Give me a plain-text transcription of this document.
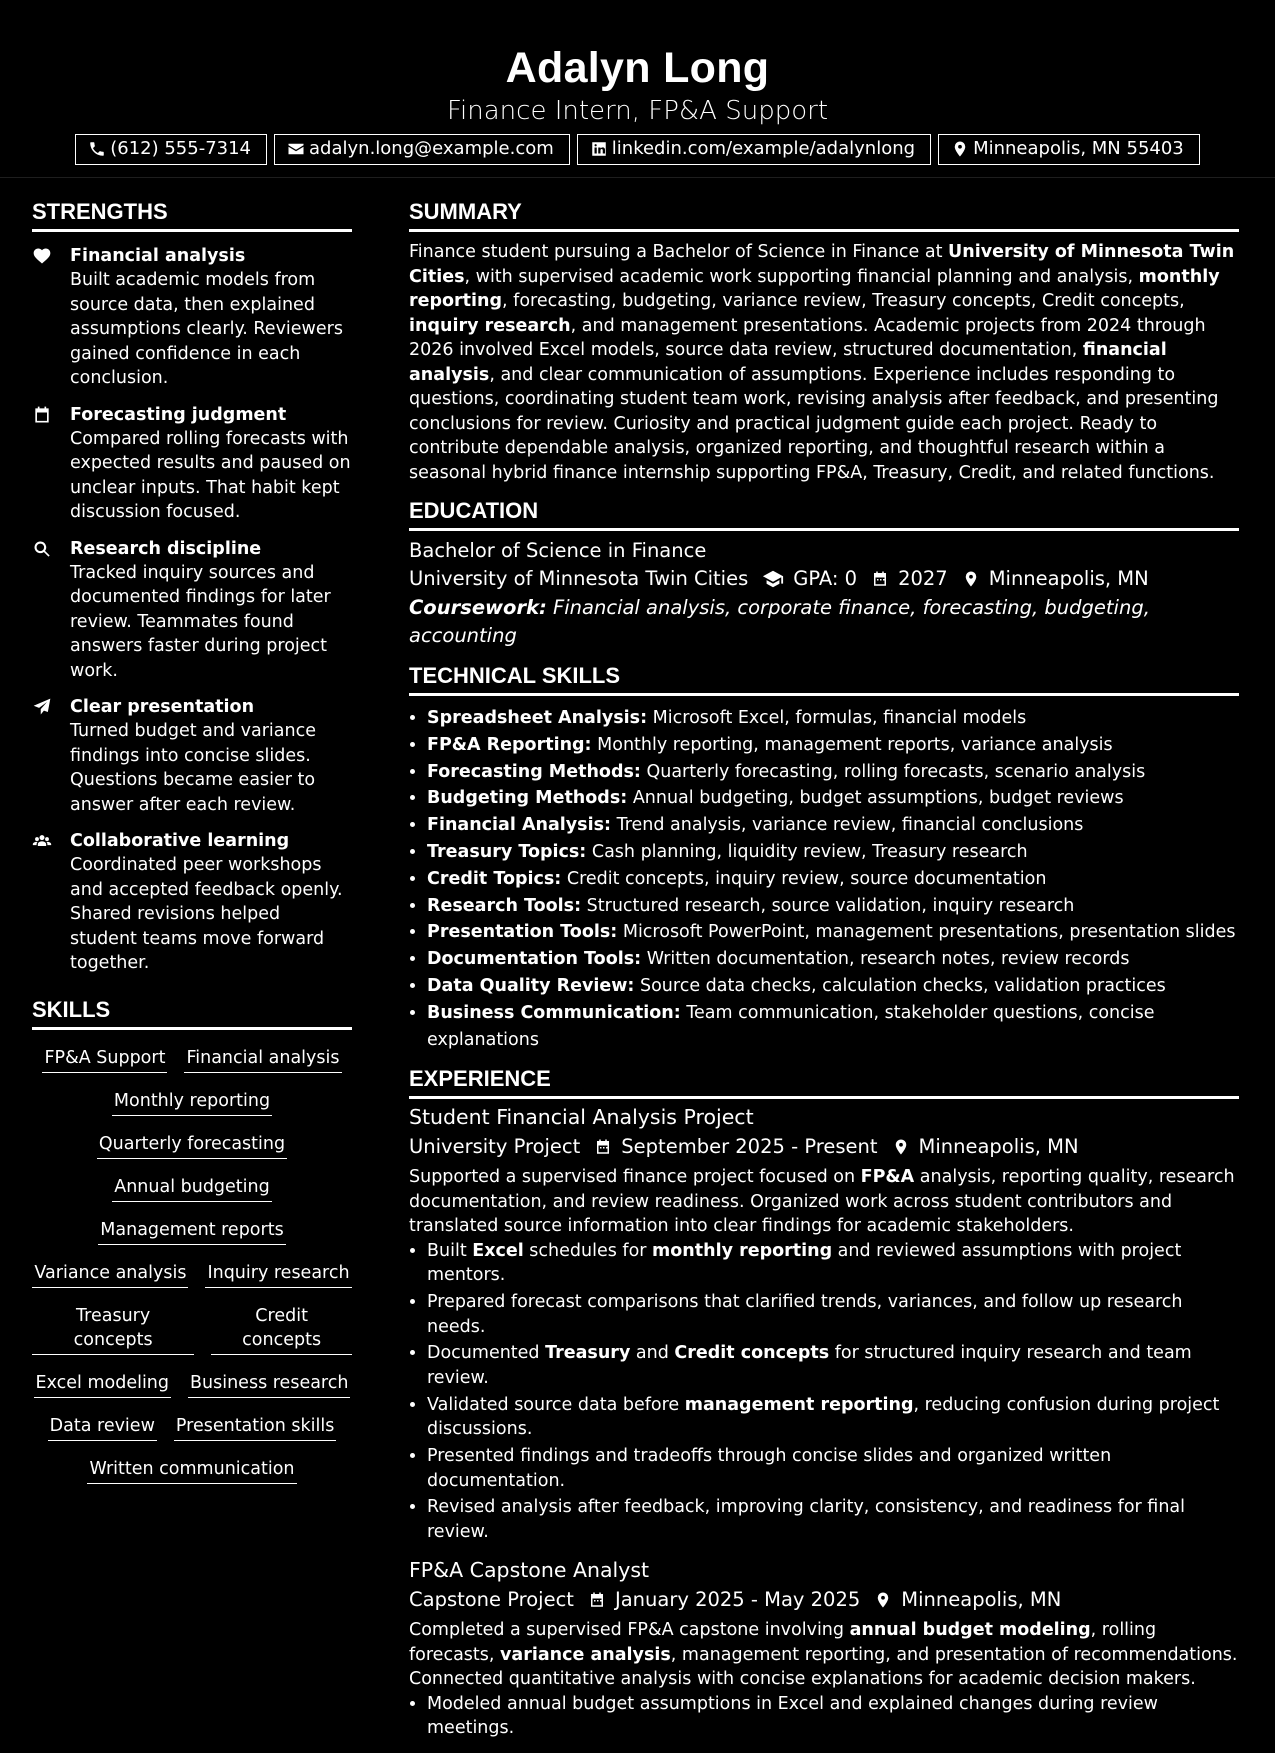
Adalyn Long
Finance Intern, FP&A Support
(612) 555-7314	adalyn.long@example.com	linkedin.com/example/adalynlong	Minneapolis, MN 55403
STRENGTHS
Financial analysis
Built academic models from source data, then explained assumptions clearly. Reviewers gained confidence in each conclusion.
Forecasting judgment
Compared rolling forecasts with expected results and paused on unclear inputs. That habit kept discussion focused.
Research discipline
Tracked inquiry sources and documented findings for later review. Teammates found answers faster during project work.
Clear presentation
Turned budget and variance findings into concise slides. Questions became easier to answer after each review.
Collaborative learning
Coordinated peer workshops and accepted feedback openly. Shared revisions helped student teams move forward together.
SKILLS
FP&A Support Financial analysis
Monthly reporting
Quarterly forecasting
Annual budgeting
Management reports
Variance analysis Inquiry research
Treasury concepts
Credit concepts
Excel modeling Business research
Data review Presentation skills
Written communication
SUMMARY

Finance student pursuing a Bachelor of Science in Finance at University of Minnesota Twin Cities, with supervised academic work supporting financial planning and analysis, monthly reporting, forecasting, budgeting, variance review, Treasury concepts, Credit concepts, inquiry research, and management presentations. Academic projects from 2024 through 2026 involved Excel models, source data review, structured documentation, financial analysis, and clear communication of assumptions. Experience includes responding to questions, coordinating student team work, revising analysis after feedback, and presenting conclusions for review. Curiosity and practical judgment guide each project. Ready to contribute dependable analysis, organized reporting, and thoughtful research within a seasonal hybrid finance internship supporting FP&A, Treasury, Credit, and related functions.

EDUCATION
Bachelor of Science in Finance
University of Minnesota Twin Cities GPA: 0 2027 Minneapolis, MN
Coursework: Financial analysis, corporate finance, forecasting, budgeting, accounting
TECHNICAL SKILLS
• Spreadsheet Analysis: Microsoft Excel, formulas, financial models
• FP&A Reporting: Monthly reporting, management reports, variance analysis
• Forecasting Methods: Quarterly forecasting, rolling forecasts, scenario analysis
• Budgeting Methods: Annual budgeting, budget assumptions, budget reviews
• Financial Analysis: Trend analysis, variance review, financial conclusions
• Treasury Topics: Cash planning, liquidity review, Treasury research
• Credit Topics: Credit concepts, inquiry review, source documentation
• Research Tools: Structured research, source validation, inquiry research
• Presentation Tools: Microsoft PowerPoint, management presentations, presentation slides
• Documentation Tools: Written documentation, research notes, review records
• Data Quality Review: Source data checks, calculation checks, validation practices
• Business Communication: Team communication, stakeholder questions, concise explanations
EXPERIENCE
Student Financial Analysis Project
University Project September 2025 - Present Minneapolis, MN

Supported a supervised finance project focused on FP&A analysis, reporting quality, research documentation, and review readiness. Organized work across student contributors and translated source information into clear findings for academic stakeholders.

• Built Excel schedules for monthly reporting and reviewed assumptions with project mentors.
• Prepared forecast comparisons that clarified trends, variances, and follow up research needs.
• Documented Treasury and Credit concepts for structured inquiry research and team review.
• Validated source data before management reporting, reducing confusion during project discussions.
• Presented findings and tradeoffs through concise slides and organized written documentation.
• Revised analysis after feedback, improving clarity, consistency, and readiness for final review.
FP&A Capstone Analyst
Capstone Project January 2025 - May 2025 Minneapolis, MN

Completed a supervised FP&A capstone involving annual budget modeling, rolling forecasts, variance analysis, management reporting, and presentation of recommendations. Connected quantitative analysis with concise explanations for academic decision makers.

• Modeled annual budget assumptions in Excel and explained changes during review meetings.
